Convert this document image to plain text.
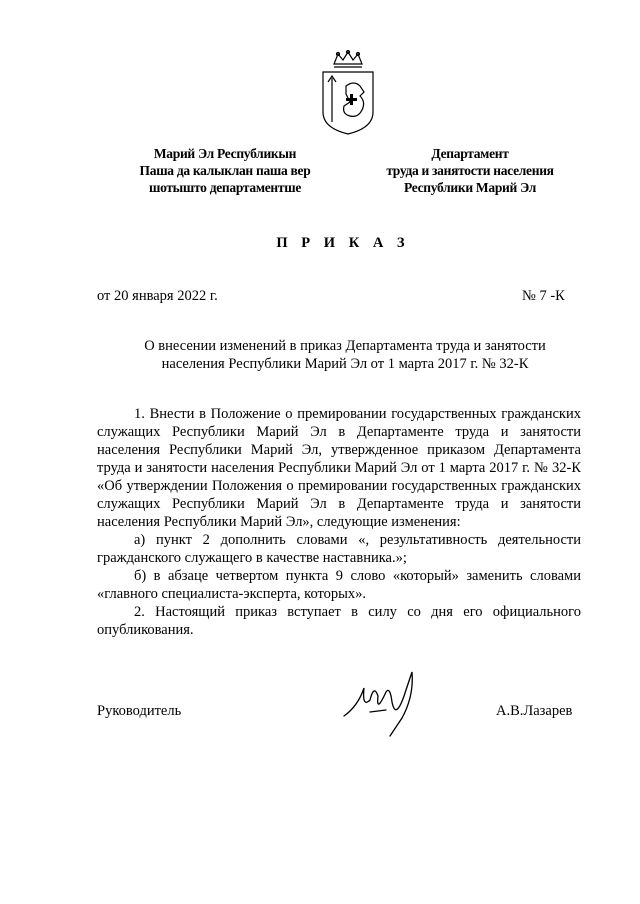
Марий Эл Республикын
Паша да калыклан паша вер
шотышто департаментше
Департамент
труда и занятости населения
Республики Марий Эл
П Р И К А З
от 20 января 2022 г.	№ 7 -К
О внесении изменений в приказ Департамента труда и занятости
населения Республики Марий Эл от 1 марта 2017 г. № 32-К

1. Внести в Положение о премировании государственных гражданских служащих Республики Марий Эл в Департаменте труда и занятости населения Республики Марий Эл, утвержденное приказом Департамента труда и занятости населения Республики Марий Эл от 1 марта 2017 г. № 32-К «Об утверждении Положения о премировании государственных гражданских служащих Республики Марий Эл в Департаменте труда и занятости населения Республики Марий Эл», следующие изменения:

а) пункт 2 дополнить словами «, результативность деятельности гражданского служащего в качестве наставника.»;

б) в абзаце четвертом пункта 9 слово «который» заменить словами «главного специалиста-эксперта, которых».

2. Настоящий приказ вступает в силу со дня его официального опубликования.

Руководитель	А.В.Лазарев
